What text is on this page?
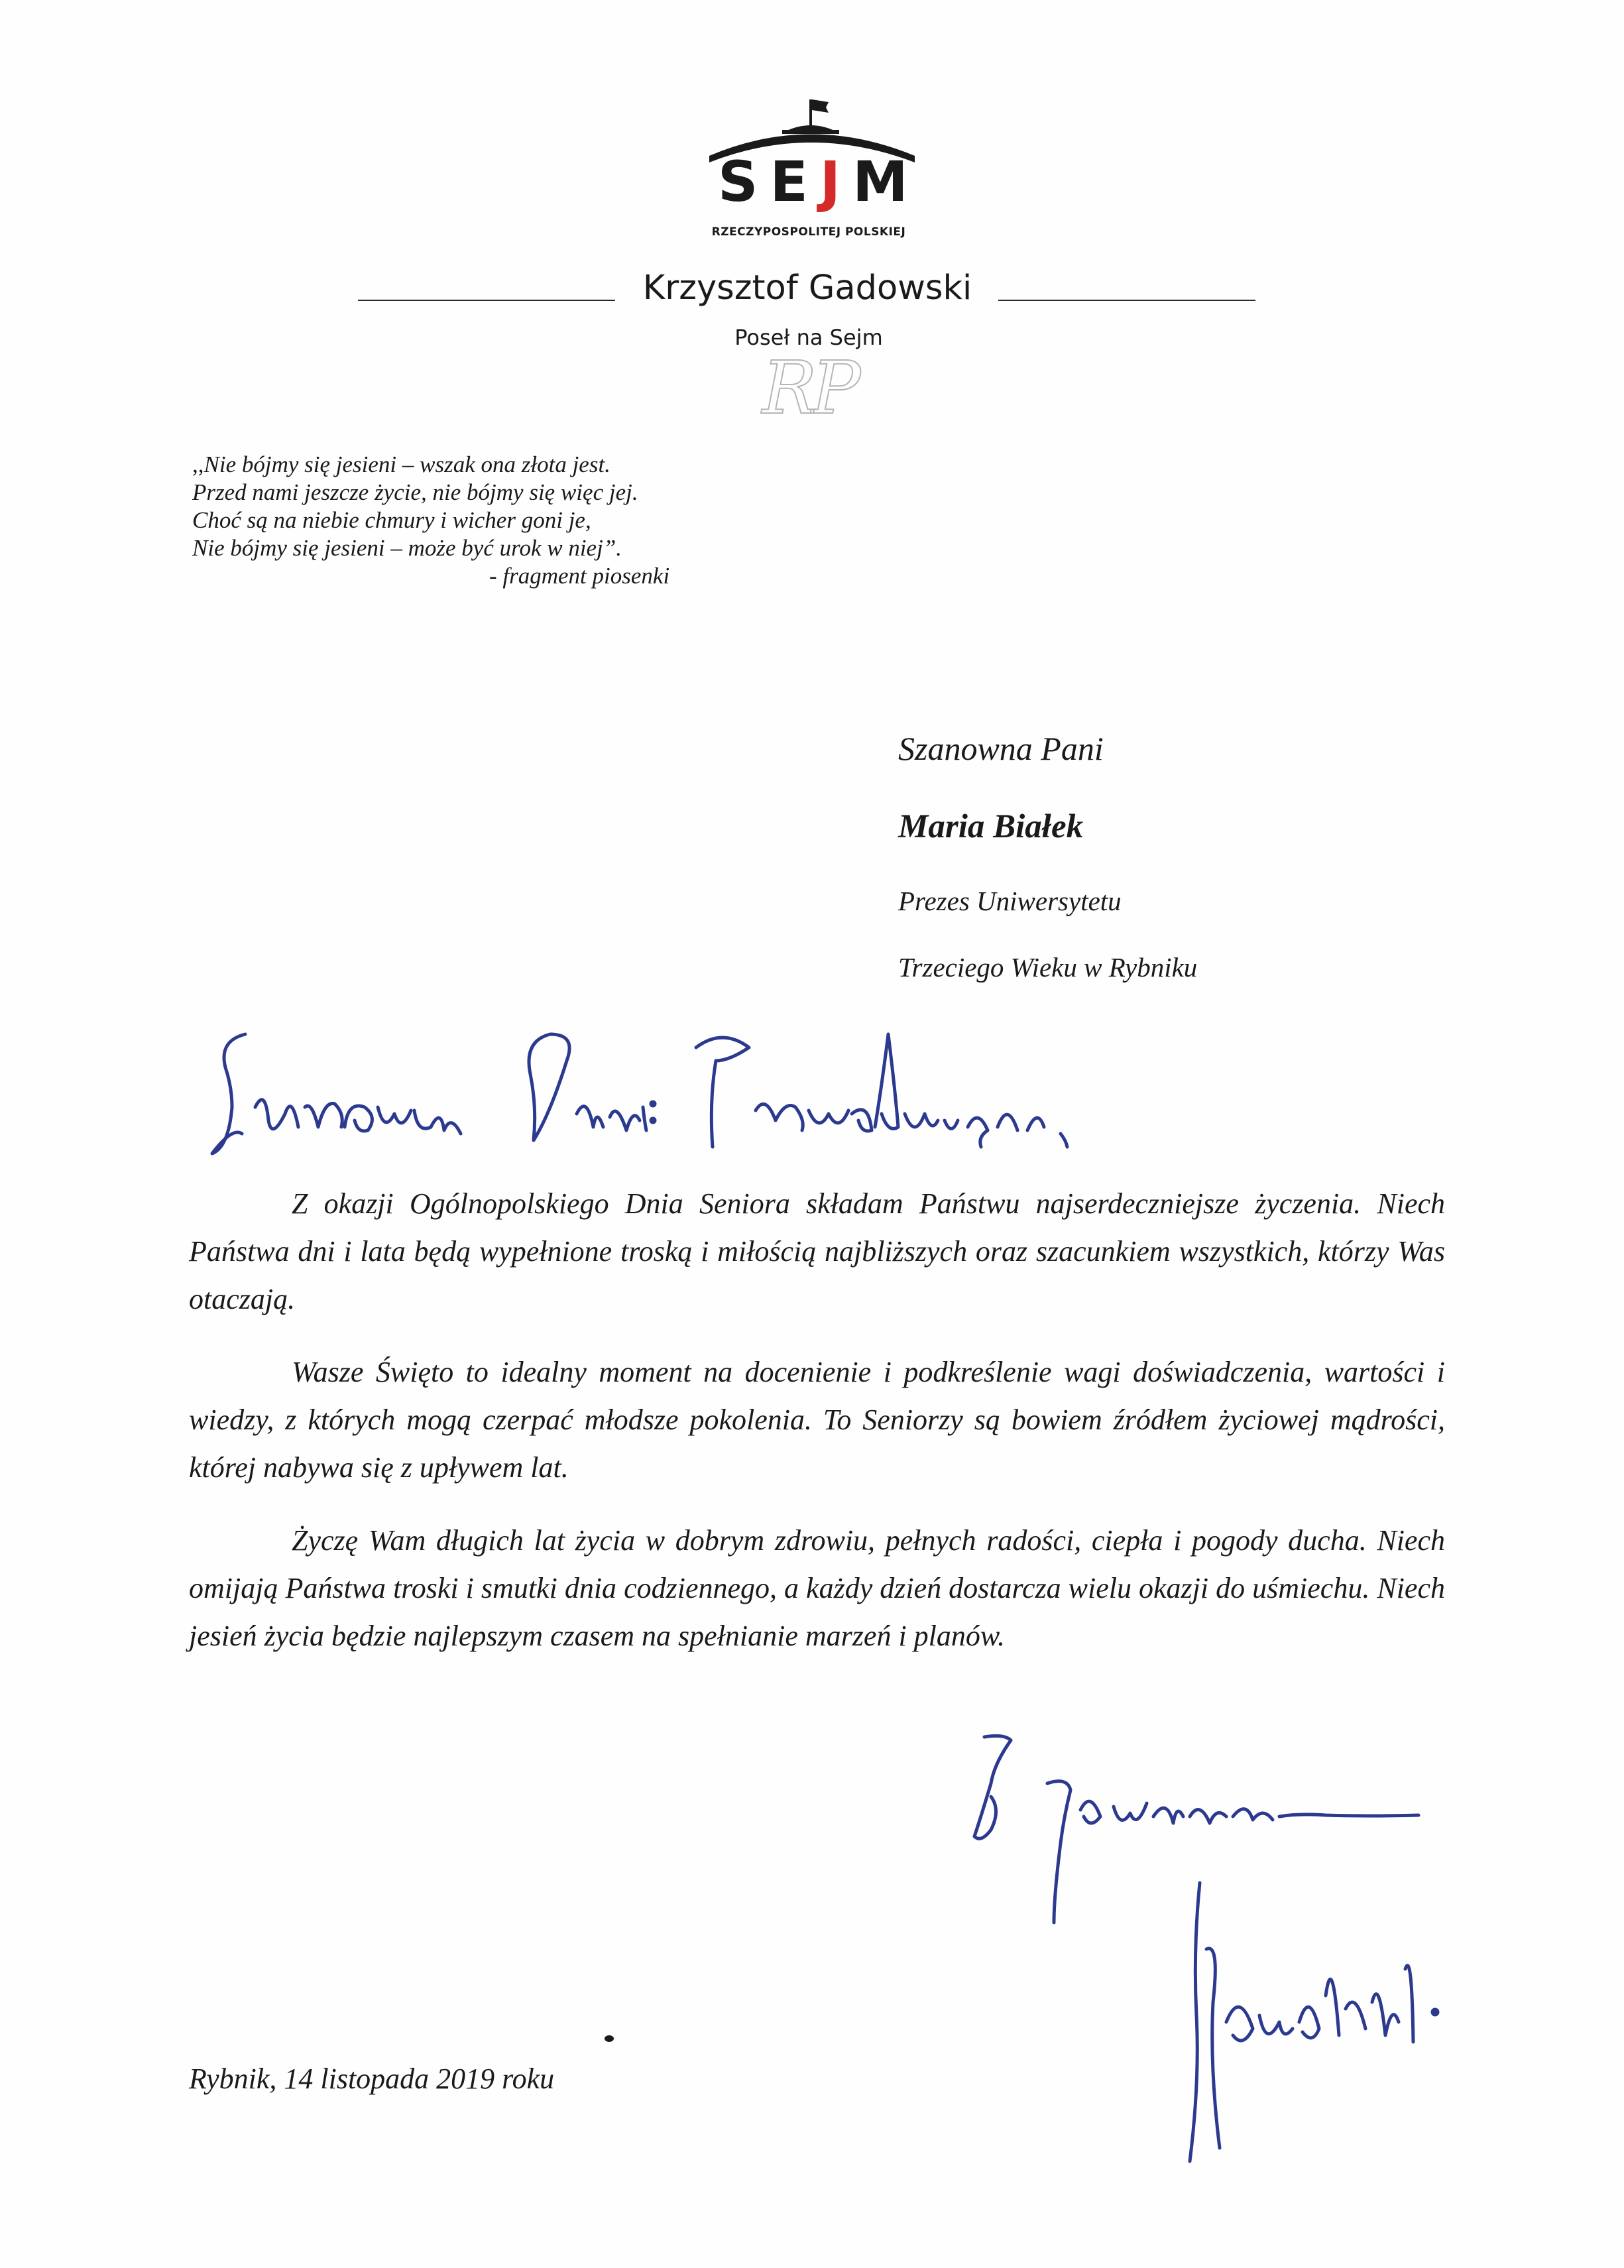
SEJM
RZECZYPOSPOLITEJ POLSKIEJ
Krzysztof Gadowski
Poseł na Sejm
RP
,,Nie bójmy się jesieni – wszak ona złota jest.
Przed nami jeszcze życie, nie bójmy się więc jej.
Choć są na niebie chmury i wicher goni je,
Nie bójmy się jesieni – może być urok w niej”.
- fragment piosenki
Szanowna Pani
Maria Białek
Prezes Uniwersytetu
Trzeciego Wieku w Rybniku

Z okazji Ogólnopolskiego Dnia Seniora składam Państwu najserdeczniejsze życzenia. Niech Państwa dni i lata będą wypełnione troską i miłością najbliższych oraz szacunkiem wszystkich, którzy Was otaczają.

Wasze Święto to idealny moment na docenienie i podkreślenie wagi doświadczenia, wartości i wiedzy, z których mogą czerpać młodsze pokolenia. To Seniorzy są bowiem źródłem życiowej mądrości, której nabywa się z upływem lat.

Życzę Wam długich lat życia w dobrym zdrowiu, pełnych radości, ciepła i pogody ducha. Niech omijają Państwa troski i smutki dnia codziennego, a każdy dzień dostarcza wielu okazji do uśmiechu. Niech jesień życia będzie najlepszym czasem na spełnianie marzeń i planów.

Rybnik, 14 listopada 2019 roku
